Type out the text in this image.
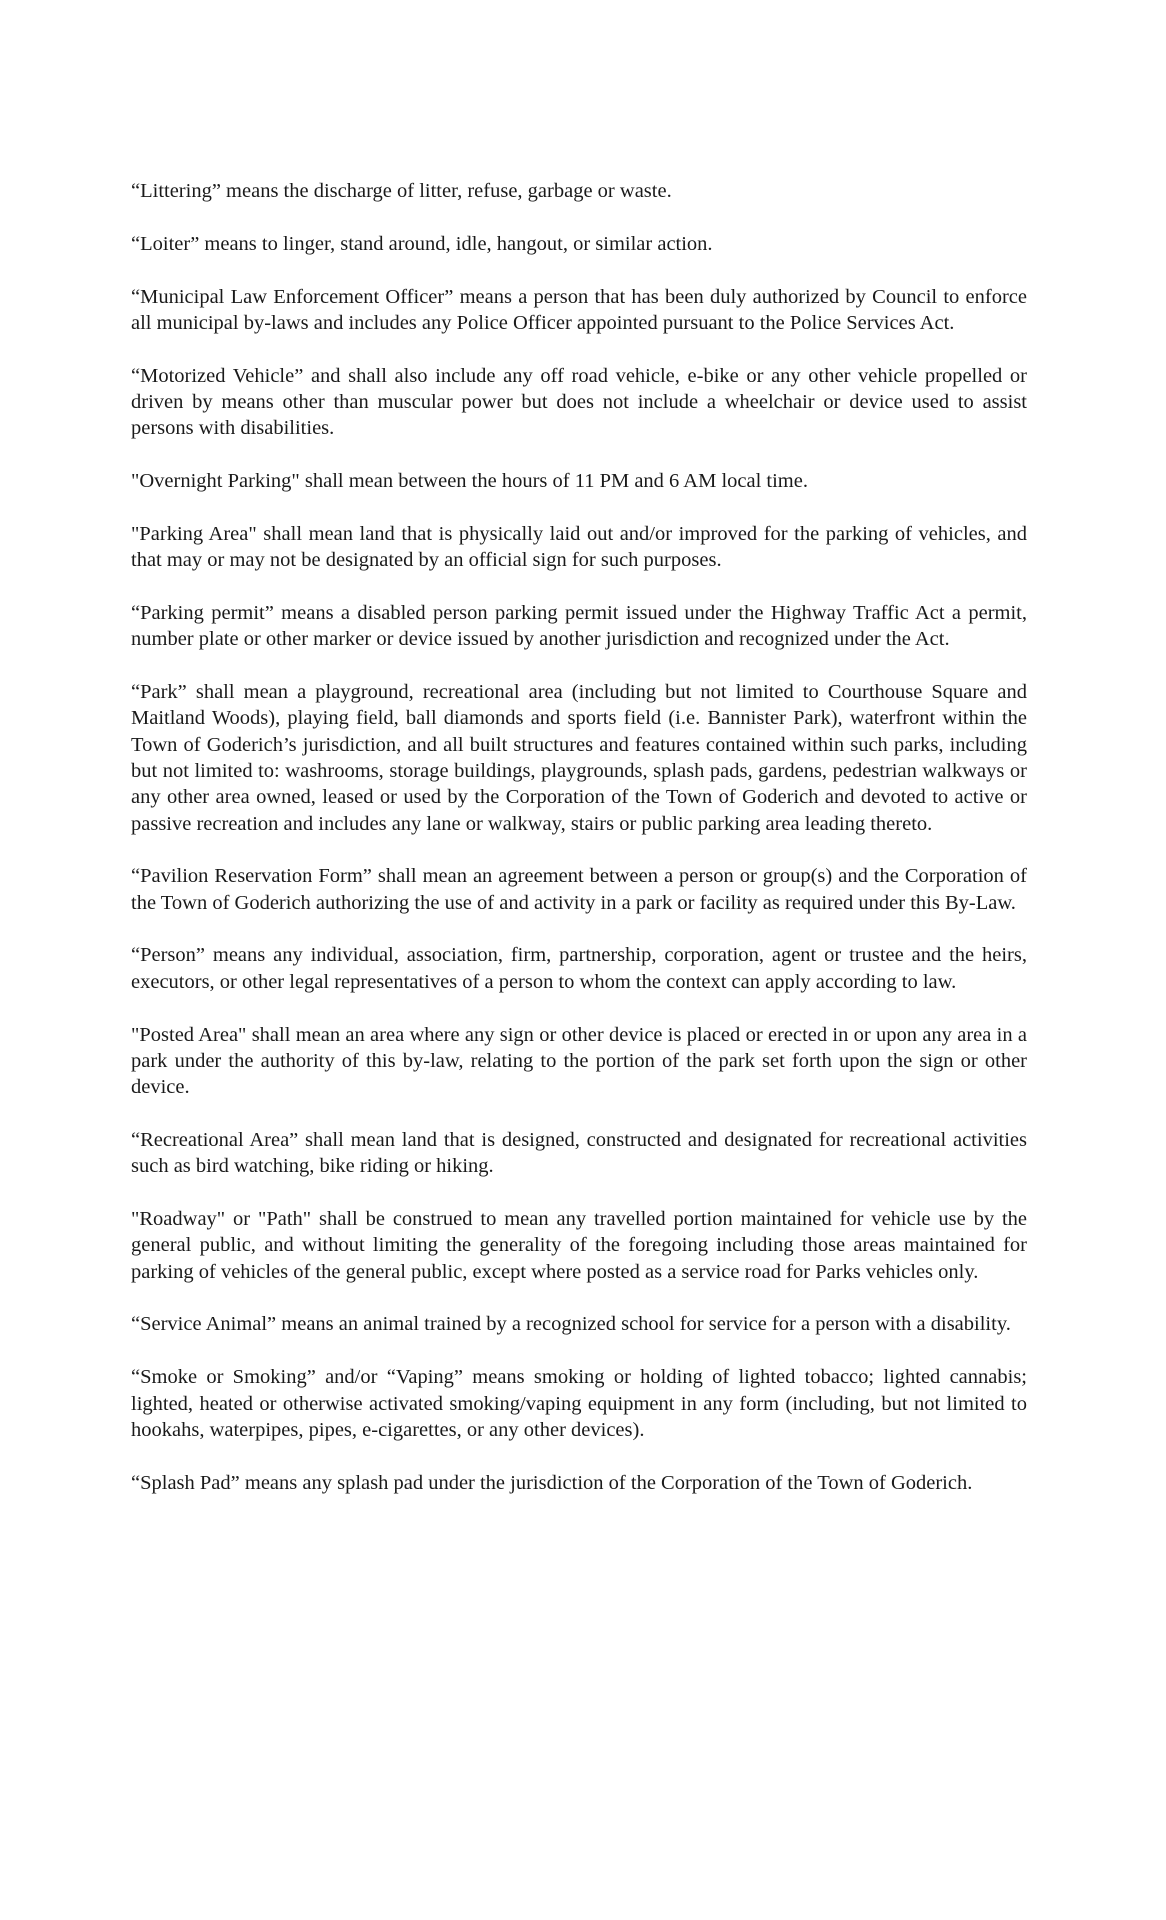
“Littering” means the discharge of litter, refuse, garbage or waste.

“Loiter” means to linger, stand around, idle, hangout, or similar action.

“Municipal Law Enforcement Officer” means a person that has been duly authorized by Council to enforce all municipal by-laws and includes any Police Officer appointed pursuant to the Police Services Act.

“Motorized Vehicle” and shall also include any off road vehicle, e-bike or any other vehicle propelled or driven by means other than muscular power but does not include a wheelchair or device used to assist persons with disabilities.

"Overnight Parking" shall mean between the hours of 11 PM and 6 AM local time.

"Parking Area" shall mean land that is physically laid out and/or improved for the parking of vehicles, and that may or may not be designated by an official sign for such purposes.

“Parking permit” means a disabled person parking permit issued under the Highway Traffic Act a permit, number plate or other marker or device issued by another jurisdiction and recognized under the Act.

“Park” shall mean a playground, recreational area (including but not limited to Courthouse Square and Maitland Woods), playing field, ball diamonds and sports field (i.e. Bannister Park), waterfront within the Town of Goderich’s jurisdiction, and all built structures and features contained within such parks, including but not limited to: washrooms, storage buildings, playgrounds, splash pads, gardens, pedestrian walkways or any other area owned, leased or used by the Corporation of the Town of Goderich and devoted to active or passive recreation and includes any lane or walkway, stairs or public parking area leading thereto.

“Pavilion Reservation Form” shall mean an agreement between a person or group(s) and the Corporation of the Town of Goderich authorizing the use of and activity in a park or facility as required under this By-Law.

“Person” means any individual, association, firm, partnership, corporation, agent or trustee and the heirs, executors, or other legal representatives of a person to whom the context can apply according to law.

"Posted Area" shall mean an area where any sign or other device is placed or erected in or upon any area in a park under the authority of this by-law, relating to the portion of the park set forth upon the sign or other device.

“Recreational Area” shall mean land that is designed, constructed and designated for recreational activities such as bird watching, bike riding or hiking.

"Roadway" or "Path" shall be construed to mean any travelled portion maintained for vehicle use by the general public, and without limiting the generality of the foregoing including those areas maintained for parking of vehicles of the general public, except where posted as a service road for Parks vehicles only.

“Service Animal” means an animal trained by a recognized school for service for a person with a disability.

“Smoke or Smoking” and/or “Vaping” means smoking or holding of lighted tobacco; lighted cannabis; lighted, heated or otherwise activated smoking/vaping equipment in any form (including, but not limited to hookahs, waterpipes, pipes, e-cigarettes, or any other devices).

“Splash Pad” means any splash pad under the jurisdiction of the Corporation of the Town of Goderich.
